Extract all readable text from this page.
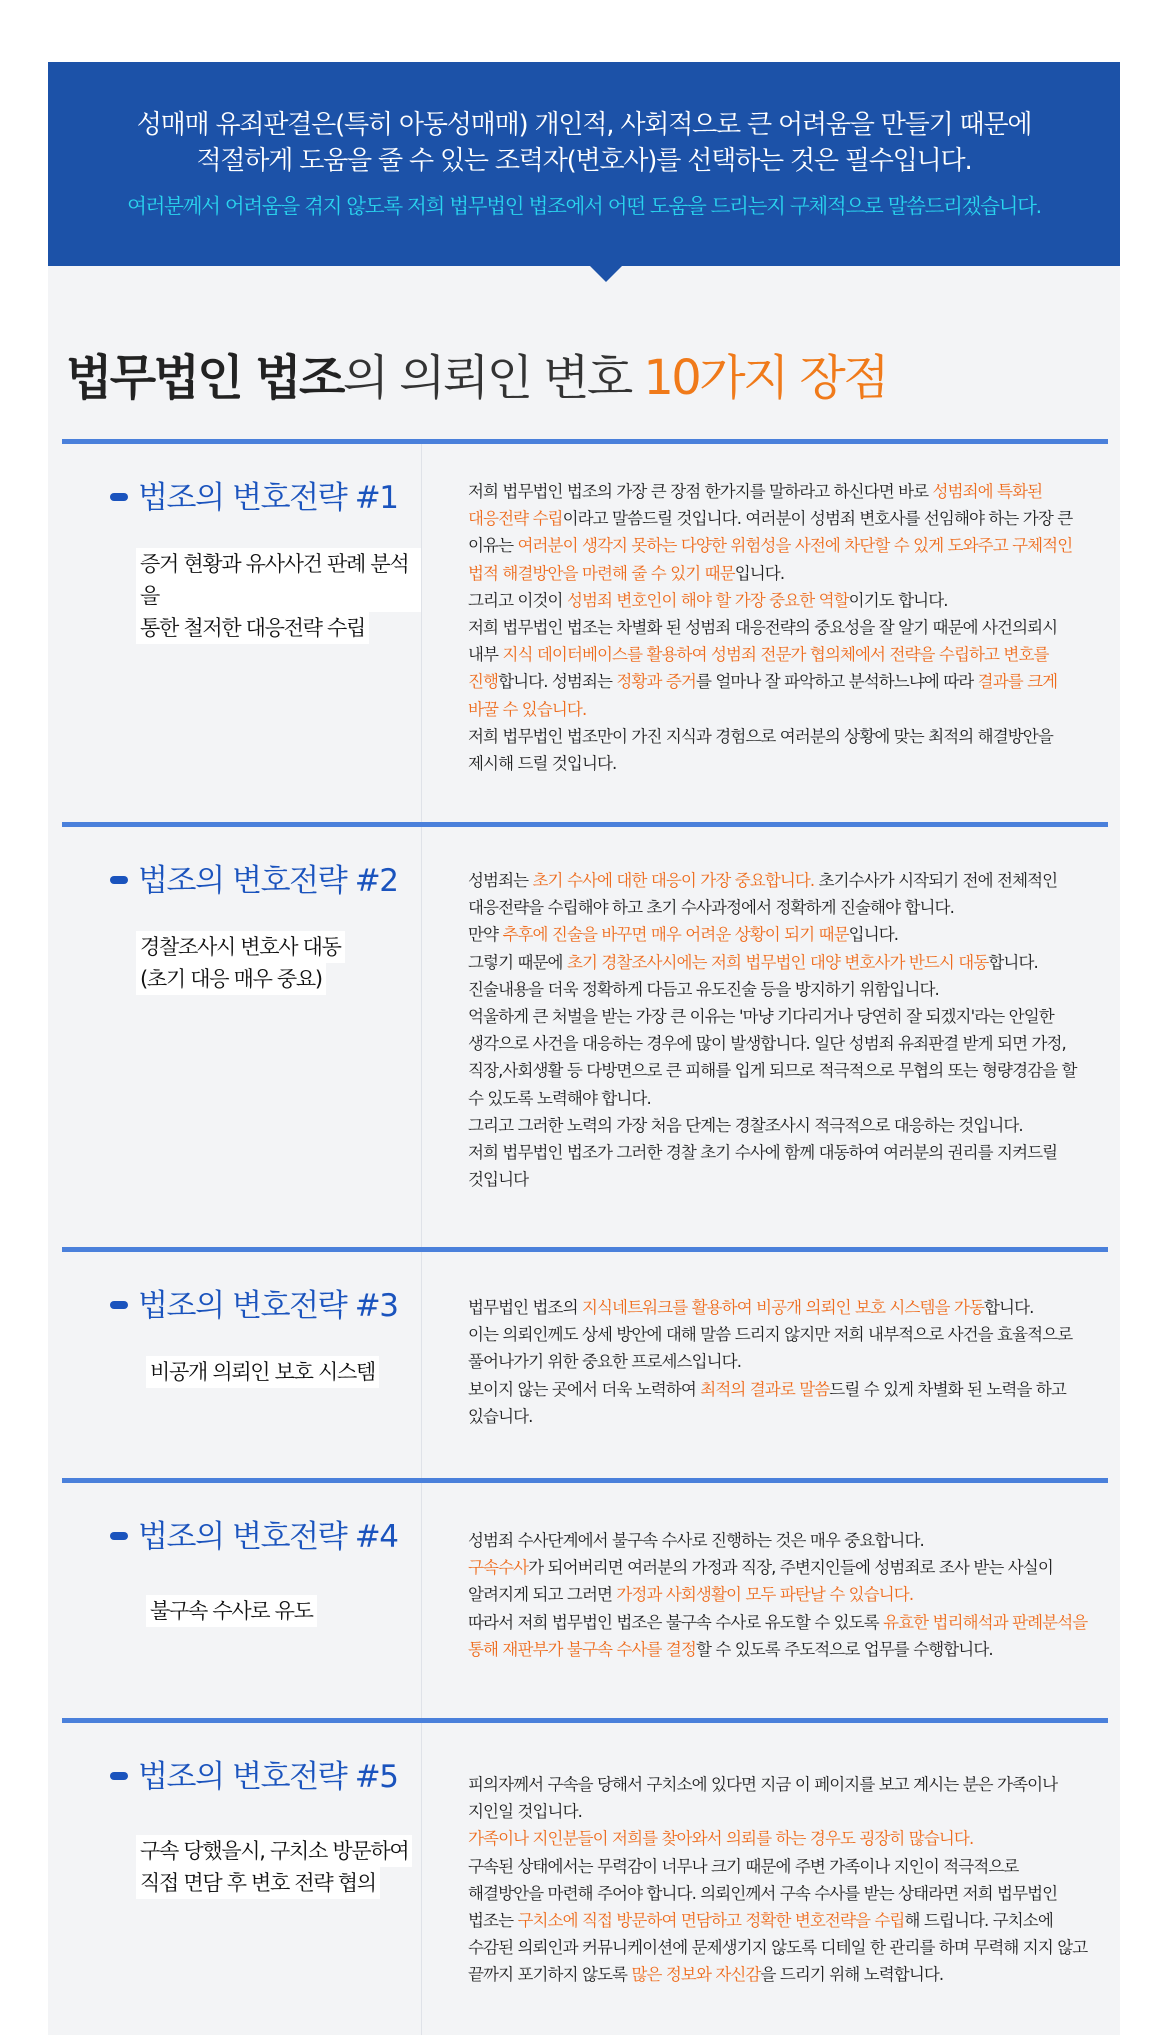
성매매 유죄판결은(특히 아동성매매) 개인적, 사회적으로 큰 어려움을 만들기 때문에
적절하게 도움을 줄 수 있는 조력자(변호사)를 선택하는 것은 필수입니다.
여러분께서 어려움을 겪지 않도록 저희 법무법인 법조에서 어떤 도움을 드리는지 구체적으로 말씀드리겠습니다.
법무법인 법조의 의뢰인 변호 10가지 장점
법조의 변호전략 #1
증거 현황과 유사사건 판례 분석을
통한 철저한 대응전략 수립
저희 법무법인 법조의 가장 큰 장점 한가지를 말하라고 하신다면 바로 성범죄에 특화된 대응전략 수립이라고 말씀드릴 것입니다. 여러분이 성범죄 변호사를 선임해야 하는 가장 큰 이유는 여러분이 생각지 못하는 다양한 위험성을 사전에 차단할 수 있게 도와주고 구체적인 법적 해결방안을 마련해 줄 수 있기 때문입니다.
그리고 이것이 성범죄 변호인이 해야 할 가장 중요한 역할이기도 합니다.
저희 법무법인 법조는 차별화 된 성범죄 대응전략의 중요성을 잘 알기 때문에 사건의뢰시 내부 지식 데이터베이스를 활용하여 성범죄 전문가 협의체에서 전략을 수립하고 변호를 진행합니다. 성범죄는 정황과 증거를 얼마나 잘 파악하고 분석하느냐에 따라 결과를 크게 바꿀 수 있습니다.
저희 법무법인 법조만이 가진 지식과 경험으로 여러분의 상황에 맞는 최적의 해결방안을 제시해 드릴 것입니다.
법조의 변호전략 #2
경찰조사시 변호사 대동
(초기 대응 매우 중요)
성범죄는 초기 수사에 대한 대응이 가장 중요합니다. 초기수사가 시작되기 전에 전체적인 대응전략을 수립해야 하고 초기 수사과정에서 정확하게 진술해야 합니다.
만약 추후에 진술을 바꾸면 매우 어려운 상황이 되기 때문입니다.
그렇기 때문에 초기 경찰조사시에는 저희 법무법인 대양 변호사가 반드시 대동합니다. 진술내용을 더욱 정확하게 다듬고 유도진술 등을 방지하기 위함입니다.
억울하게 큰 처벌을 받는 가장 큰 이유는 '마냥 기다리거나 당연히 잘 되겠지'라는 안일한 생각으로 사건을 대응하는 경우에 많이 발생합니다. 일단 성범죄 유죄판결 받게 되면 가정,직장,사회생활 등 다방면으로 큰 피해를 입게 되므로 적극적으로 무협의 또는 형량경감을 할 수 있도록 노력해야 합니다.
그리고 그러한 노력의 가장 처음 단계는 경찰조사시 적극적으로 대응하는 것입니다.
저희 법무법인 법조가 그러한 경찰 초기 수사에 함께 대동하여 여러분의 권리를 지켜드릴 것입니다
법조의 변호전략 #3
비공개 의뢰인 보호 시스템
법무법인 법조의 지식네트워크를 활용하여 비공개 의뢰인 보호 시스템을 가동합니다.
이는 의뢰인께도 상세 방안에 대해 말씀 드리지 않지만 저희 내부적으로 사건을 효율적으로 풀어나가기 위한 중요한 프로세스입니다.
보이지 않는 곳에서 더욱 노력하여 최적의 결과로 말씀드릴 수 있게 차별화 된 노력을 하고 있습니다.
법조의 변호전략 #4
불구속 수사로 유도
성범죄 수사단계에서 불구속 수사로 진행하는 것은 매우 중요합니다.
구속수사가 되어버리면 여러분의 가정과 직장, 주변지인들에 성범죄로 조사 받는 사실이 알려지게 되고 그러면 가정과 사회생활이 모두 파탄날 수 있습니다.
따라서 저희 법무법인 법조은 불구속 수사로 유도할 수 있도록 유효한 법리해석과 판례분석을 통해 재판부가 불구속 수사를 결정할 수 있도록 주도적으로 업무를 수행합니다.
법조의 변호전략 #5
구속 당했을시, 구치소 방문하여
직접 면담 후 변호 전략 협의
피의자께서 구속을 당해서 구치소에 있다면 지금 이 페이지를 보고 계시는 분은 가족이나 지인일 것입니다.
가족이나 지인분들이 저희를 찾아와서 의뢰를 하는 경우도 굉장히 많습니다.
구속된 상태에서는 무력감이 너무나 크기 때문에 주변 가족이나 지인이 적극적으로 해결방안을 마련해 주어야 합니다. 의뢰인께서 구속 수사를 받는 상태라면 저희 법무법인 법조는 구치소에 직접 방문하여 면담하고 정확한 변호전략을 수립해 드립니다. 구치소에 수감된 의뢰인과 커뮤니케이션에 문제생기지 않도록 디테일 한 관리를 하며 무력해 지지 않고 끝까지 포기하지 않도록 많은 정보와 자신감을 드리기 위해 노력합니다.
